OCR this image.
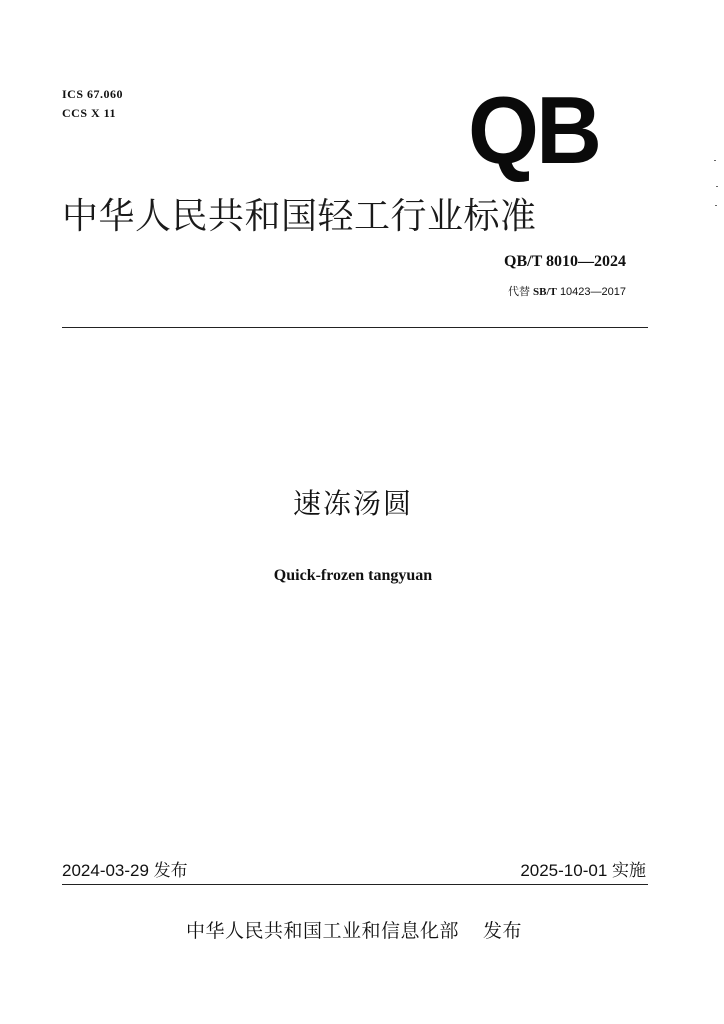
ICS 67.060
CCS X 11	QB
中华人民共和国轻工行业标准
QB/T 8010—2024
代替 SB/T 10423—2017
速冻汤圆
Quick-frozen tangyuan
2024-03-29 发布	2025-10-01 实施
中华人民共和国工业和信息化部 发布
